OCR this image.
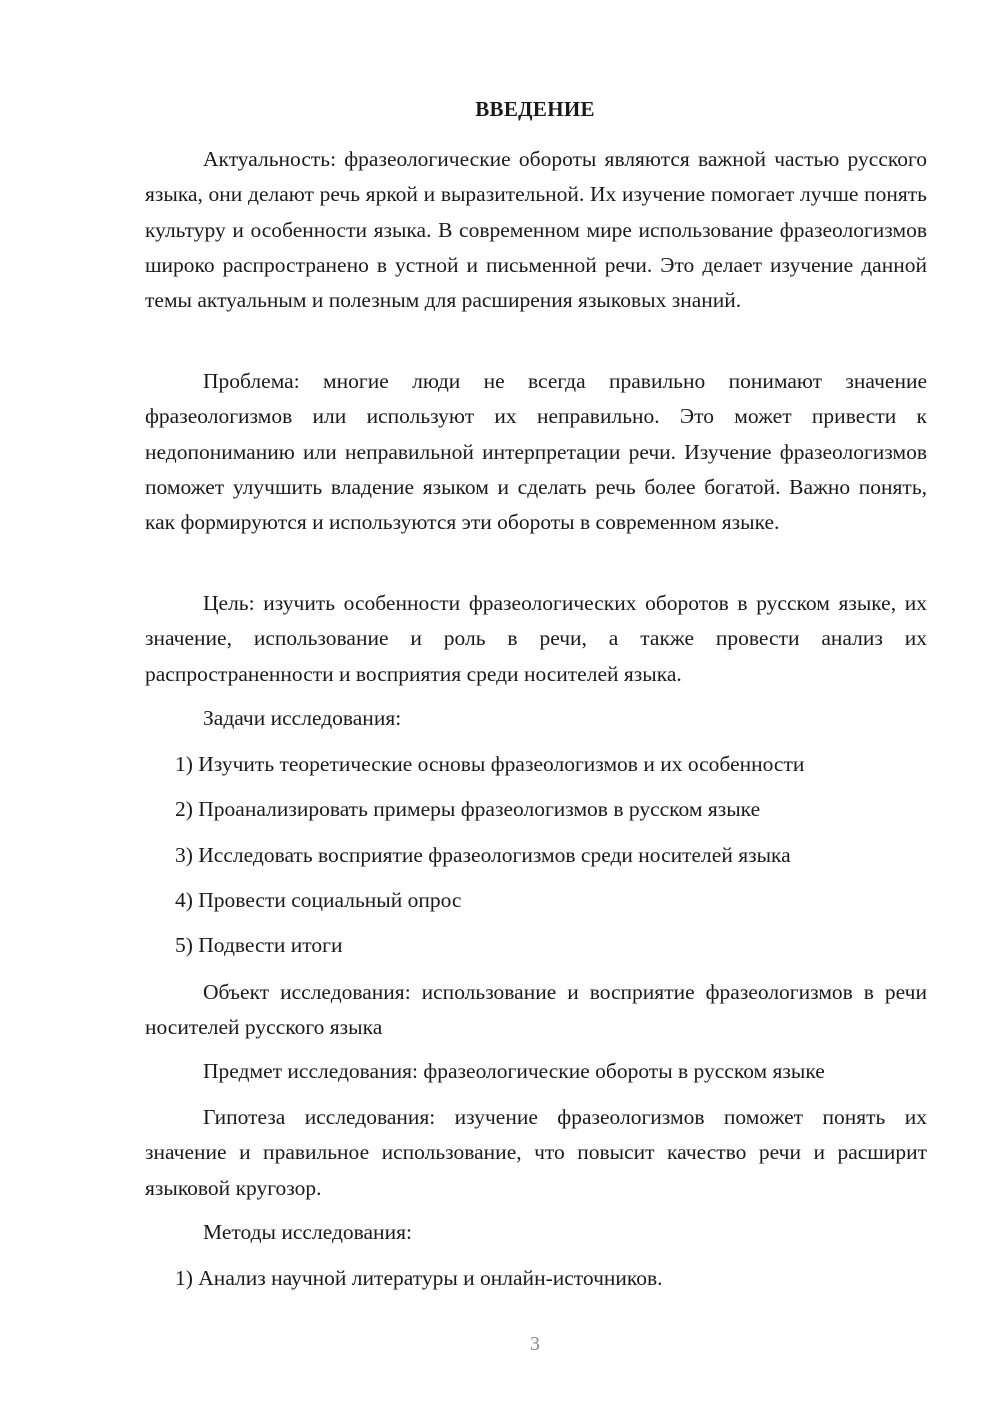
ВВЕДЕНИЕ

Актуальность: фразеологические обороты являются важной частью русского языка, они делают речь яркой и выразительной. Их изучение помогает лучше понять культуру и особенности языка. В современном мире использование фразеологизмов широко распространено в устной и письменной речи. Это делает изучение данной темы актуальным и полезным для расширения языковых знаний.

Проблема: многие люди не всегда правильно понимают значение фразеологизмов или используют их неправильно. Это может привести к недопониманию или неправильной интерпретации речи. Изучение фразеологизмов поможет улучшить владение языком и сделать речь более богатой. Важно понять, как формируются и используются эти обороты в современном языке.

Цель: изучить особенности фразеологических оборотов в русском языке, их значение, использование и роль в речи, а также провести анализ их распространенности и восприятия среди носителей языка.

Задачи исследования:
1) Изучить теоретические основы фразеологизмов и их особенности
2) Проанализировать примеры фразеологизмов в русском языке
3) Исследовать восприятие фразеологизмов среди носителей языка
4) Провести социальный опрос
5) Подвести итоги

Объект исследования: использование и восприятие фразеологизмов в речи носителей русского языка

Предмет исследования: фразеологические обороты в русском языке

Гипотеза исследования: изучение фразеологизмов поможет понять их значение и правильное использование, что повысит качество речи и расширит языковой кругозор.

Методы исследования:
1) Анализ научной литературы и онлайн-источников.
3
